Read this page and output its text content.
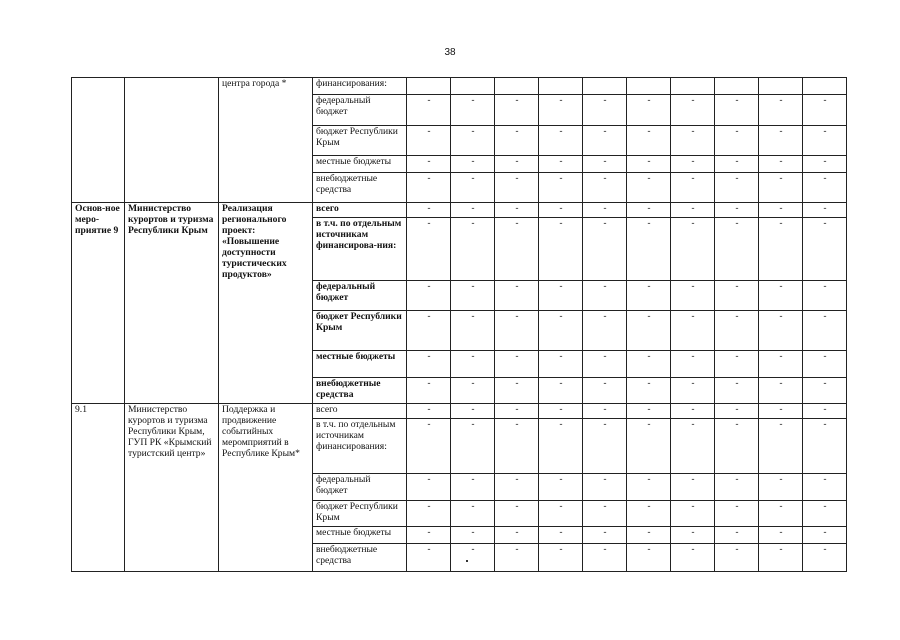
38
		центра города *	финансирования:										
			федеральный бюджет	-	-	-	-	-	-	-	-	-	-
			бюджет Республики Крым	-	-	-	-	-	-	-	-	-	-
			местные бюджеты	-	-	-	-	-	-	-	-	-	-
			внебюджетные средства	-	-	-	-	-	-	-	-	-	-
Основ-ное меро-приятие 9	Министерство курортов и туризма Республики Крым	Реализация регионального проект: «Повышение доступности туристических продуктов»	всего	-	-	-	-	-	-	-	-	-	-
			в т.ч. по отдельным источникам финансирова-ния:	-	-	-	-	-	-	-	-	-	-
			федеральный бюджет	-	-	-	-	-	-	-	-	-	-
			бюджет Республики Крым	-	-	-	-	-	-	-	-	-	-
			местные бюджеты	-	-	-	-	-	-	-	-	-	-
			внебюджетные средства	-	-	-	-	-	-	-	-	-	-
9.1	Министерство курортов и туризма Республики Крым, ГУП РК «Крымский туристский центр»	Поддержка и продвижение событийных меромприятий в Республике Крым*	всего	-	-	-	-	-	-	-	-	-	-
			в т.ч. по отдельным источникам финансирования:	-	-	-	-	-	-	-	-	-	-
			федеральный бюджет	-	-	-	-	-	-	-	-	-	-
			бюджет Республики Крым	-	-	-	-	-	-	-	-	-	-
			местные бюджеты	-	-	-	-	-	-	-	-	-	-
			внебюджетные средства	-	-	-	-	-	-	-	-	-	-
